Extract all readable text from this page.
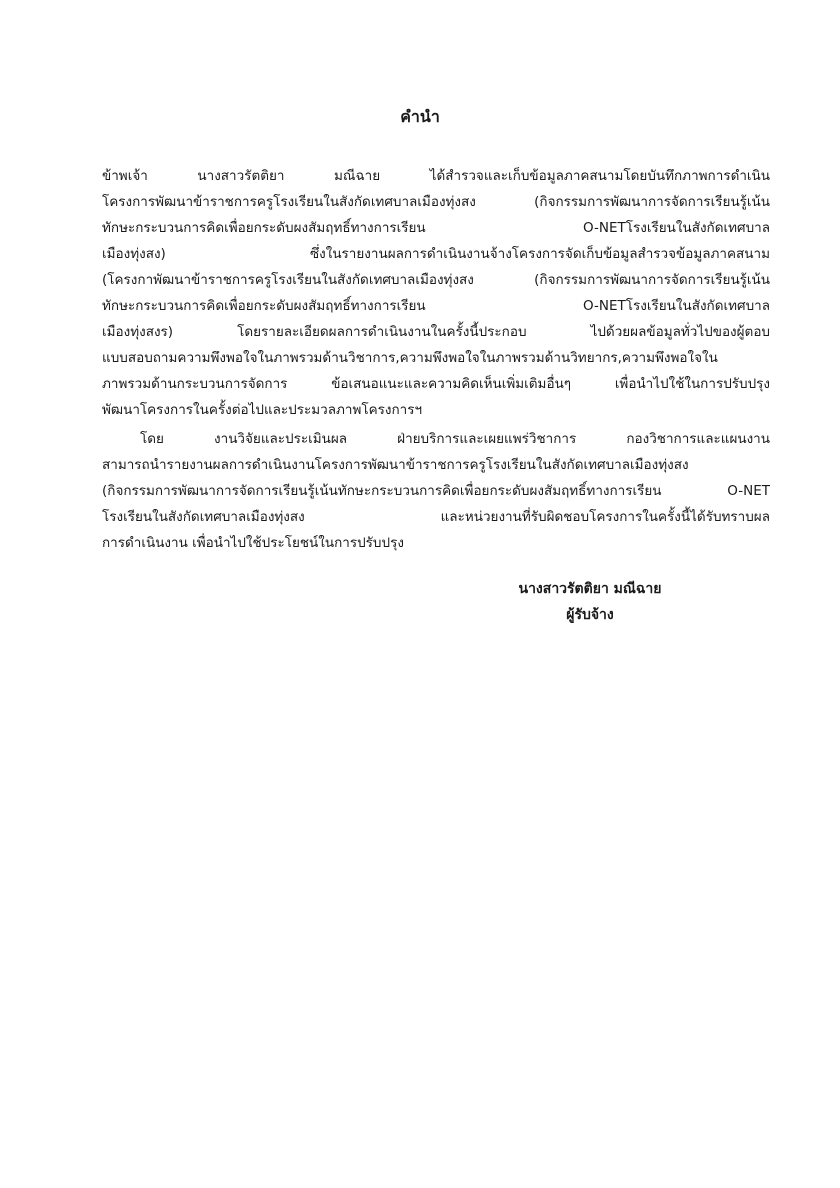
คำนำ
ข้าพเจ้า นางสาวรัตติยา มณีฉาย ได้สำรวจและเก็บข้อมูลภาคสนามโดยบันทึกภาพการดำเนิน
โครงการพัฒนาข้าราชการครูโรงเรียนในสังกัดเทศบาลเมืองทุ่งสง (กิจกรรมการพัฒนาการจัดการเรียนรู้เน้น
ทักษะกระบวนการคิดเพื่อยกระดับผงสัมฤทธิ์ทางการเรียน O-NETโรงเรียนในสังกัดเทศบาล
เมืองทุ่งสง) ซึ่งในรายงานผลการดำเนินงานจ้างโครงการจัดเก็บข้อมูลสำรวจข้อมูลภาคสนาม
(โครงกาพัฒนาข้าราชการครูโรงเรียนในสังกัดเทศบาลเมืองทุ่งสง (กิจกรรมการพัฒนาการจัดการเรียนรู้เน้น
ทักษะกระบวนการคิดเพื่อยกระดับผงสัมฤทธิ์ทางการเรียน O-NETโรงเรียนในสังกัดเทศบาล
เมืองทุ่งสงร) โดยรายละเอียดผลการดำเนินงานในครั้งนี้ประกอบ ไปด้วยผลข้อมูลทั่วไปของผู้ตอบ
แบบสอบถามความพึงพอใจในภาพรวมด้านวิชาการ,ความพึงพอใจในภาพรวมด้านวิทยากร,ความพึงพอใจใน
ภาพรวมด้านกระบวนการจัดการ ข้อเสนอแนะและความคิดเห็นเพิ่มเติมอื่นๆ เพื่อนำไปใช้ในการปรับปรุง
พัฒนาโครงการในครั้งต่อไปและประมวลภาพโครงการฯ
โดย งานวิจัยและประเมินผล ฝ่ายบริการและเผยแพร่วิชาการ กองวิชาการและแผนงาน
สามารถนำรายงานผลการดำเนินงานโครงการพัฒนาข้าราชการครูโรงเรียนในสังกัดเทศบาลเมืองทุ่งสง
(กิจกรรมการพัฒนาการจัดการเรียนรู้เน้นทักษะกระบวนการคิดเพื่อยกระดับผงสัมฤทธิ์ทางการเรียน O-NET
โรงเรียนในสังกัดเทศบาลเมืองทุ่งสง และหน่วยงานที่รับผิดชอบโครงการในครั้งนี้ได้รับทราบผล
การดำเนินงาน เพื่อนำไปใช้ประโยชน์ในการปรับปรุง
นางสาวรัตติยา มณีฉาย
ผู้รับจ้าง
